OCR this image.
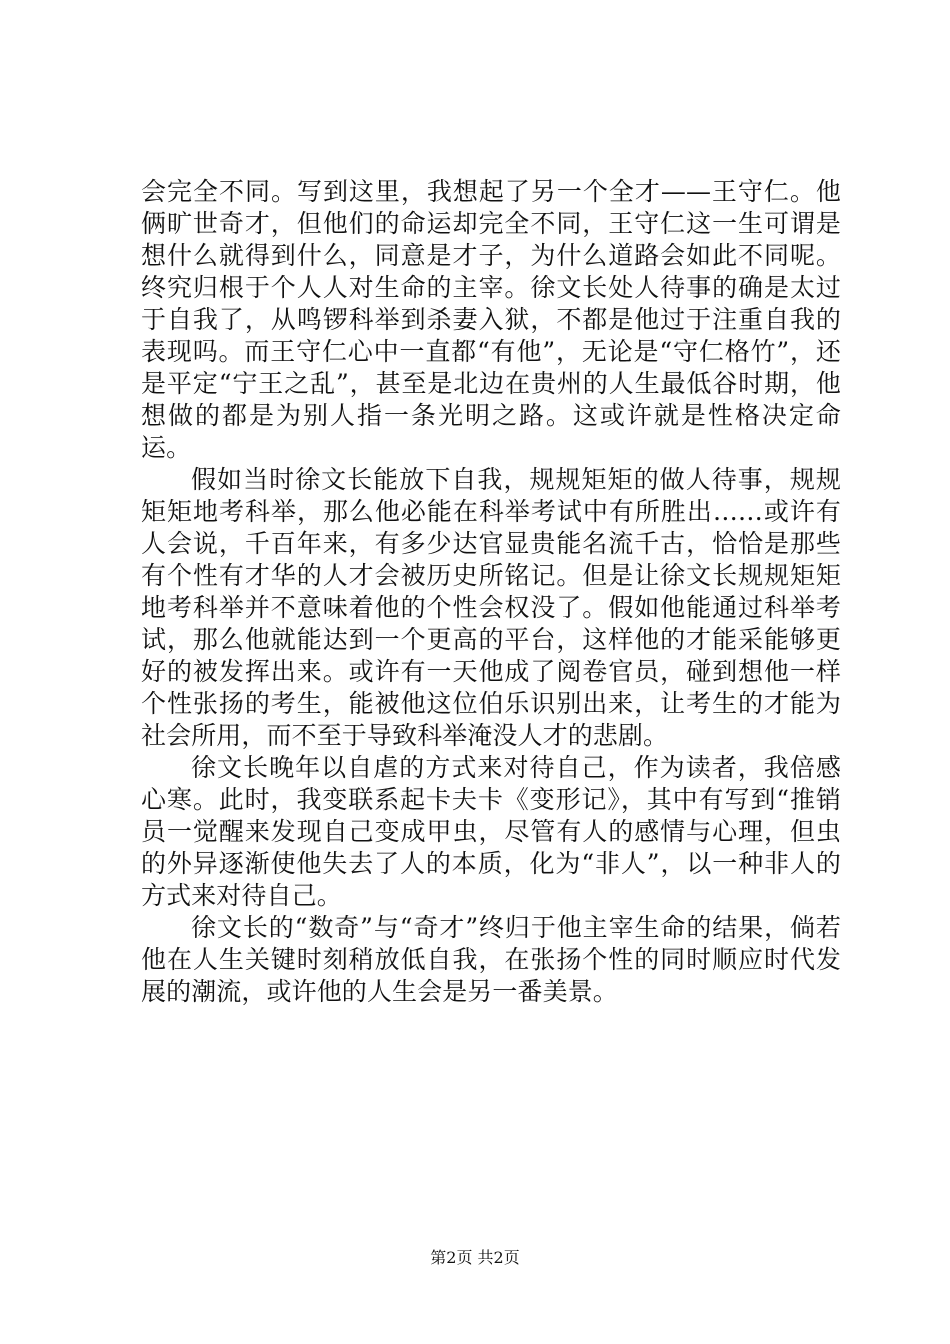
会完全不同。写到这里，我想起了另一个全才——王守仁。他俩旷世奇才，但他们的命运却完全不同，王守仁这一生可谓是想什么就得到什么，同意是才子，为什么道路会如此不同呢。终究归根于个人人对生命的主宰。徐文长处人待事的确是太过于自我了，从鸣锣科举到杀妻入狱，不都是他过于注重自我的表现吗。而王守仁心中一直都“有他”，无论是“守仁格竹”，还是平定“宁王之乱”，甚至是北边在贵州的人生最低谷时期，他想做的都是为别人指一条光明之路。这或许就是性格决定命运。

假如当时徐文长能放下自我，规规矩矩的做人待事，规规矩矩地考科举，那么他必能在科举考试中有所胜出……或许有人会说，千百年来，有多少达官显贵能名流千古，恰恰是那些有个性有才华的人才会被历史所铭记。但是让徐文长规规矩矩地考科举并不意味着他的个性会权没了。假如他能通过科举考试，那么他就能达到一个更高的平台，这样他的才能采能够更好的被发挥出来。或许有一天他成了阅卷官员，碰到想他一样个性张扬的考生，能被他这位伯乐识别出来，让考生的才能为社会所用，而不至于导致科举淹没人才的悲剧。

徐文长晚年以自虐的方式来对待自己，作为读者，我倍感心寒。此时，我变联系起卡夫卡《变形记》，其中有写到“推销员一觉醒来发现自己变成甲虫，尽管有人的感情与心理，但虫的外异逐渐使他失去了人的本质，化为“非人”，以一种非人的方式来对待自己。

徐文长的“数奇”与“奇才”终归于他主宰生命的结果，倘若他在人生关键时刻稍放低自我，在张扬个性的同时顺应时代发展的潮流，或许他的人生会是另一番美景。

第2页 共2页
